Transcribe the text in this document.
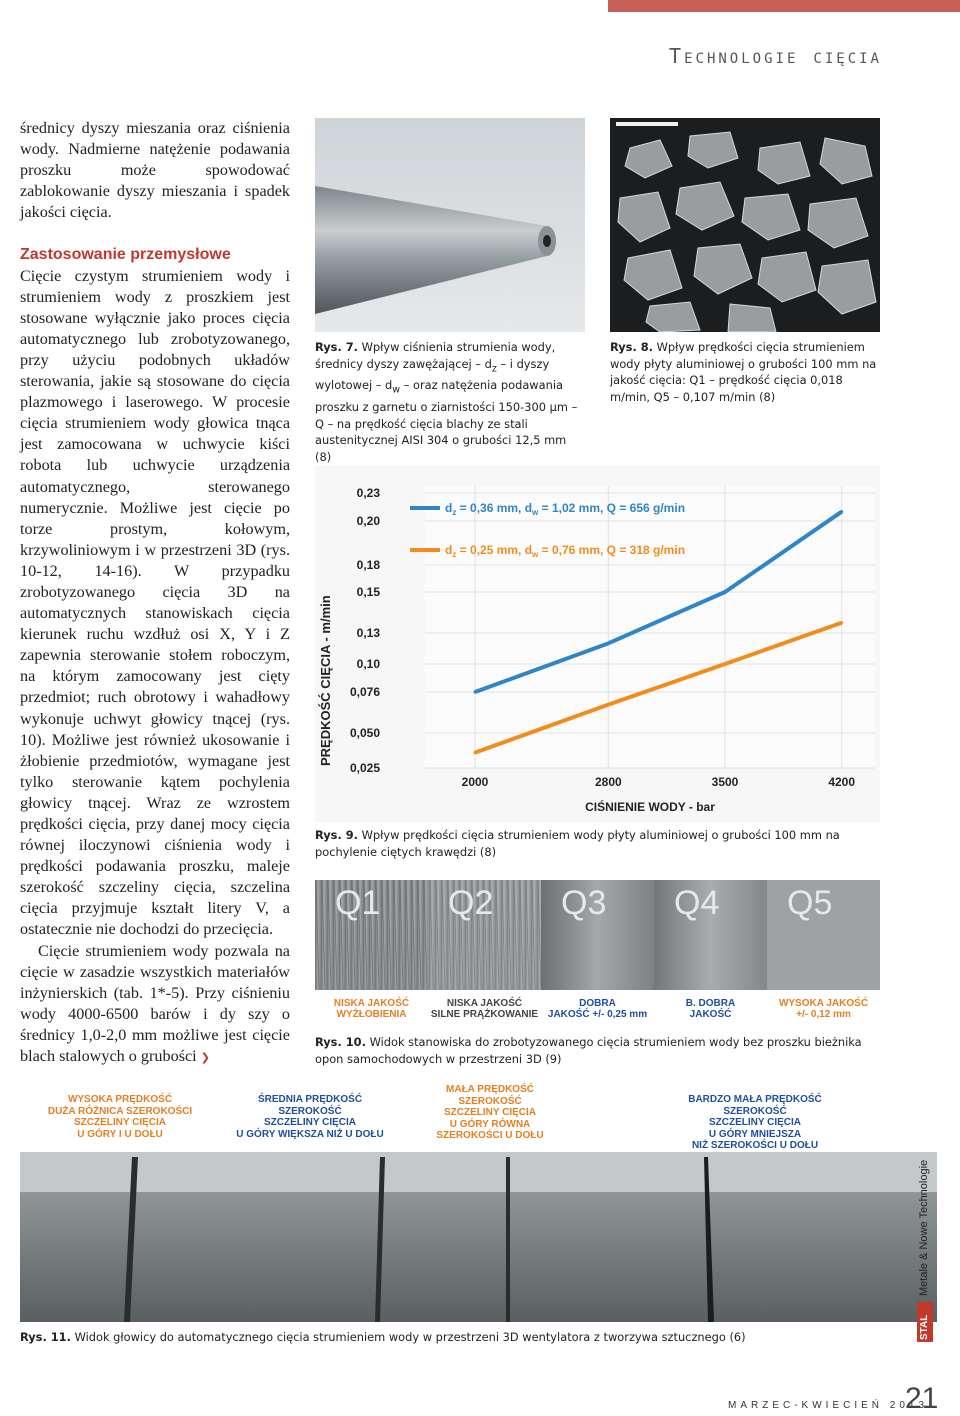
Technologie cięcia

średnicy dyszy mieszania oraz ciśnienia wody. Nadmierne natężenie podawania proszku może spowodować zablokowanie dyszy mieszania i spadek jakości cięcia.

Zastosowanie przemysłowe

Cięcie czystym strumieniem wody i strumieniem wody z proszkiem jest stosowane wyłącznie jako proces cięcia automatycznego lub zrobotyzowanego, przy użyciu podobnych układów sterowania, jakie są stosowane do cięcia plazmowego i laserowego. W procesie cięcia strumieniem wody głowica tnąca jest zamocowana w uchwycie kiści robota lub uchwycie urządzenia automatycznego, sterowanego numerycznie. Możliwe jest cięcie po torze prostym, kołowym, krzywoliniowym i w przestrzeni 3D (rys. 10-12, 14-16). W przypadku zrobotyzowanego cięcia 3D na automatycznych stanowiskach cięcia kierunek ruchu wzdłuż osi X, Y i Z zapewnia sterowanie stołem roboczym, na którym zamocowany jest cięty przedmiot; ruch obrotowy i wahadłowy wykonuje uchwyt głowicy tnącej (rys. 10). Możliwe jest również ukosowanie i żłobienie przedmiotów, wymagane jest tylko sterowanie kątem pochylenia głowicy tnącej. Wraz ze wzrostem prędkości cięcia, przy danej mocy cięcia równej iloczynowi ciśnienia wody i prędkości podawania proszku, maleje szerokość szczeliny cięcia, szczelina cięcia przyjmuje kształt litery V, a ostatecznie nie dochodzi do przecięcia.

Cięcie strumieniem wody pozwala na cięcie w zasadzie wszystkich materiałów inżynierskich (tab. 1*-5). Przy ciśnieniu wody 4000-6500 barów i dy szy o średnicy 1,0-2,0 mm możliwe jest cięcie blach stalowych o grubości ❯

Rys. 7. Wpływ ciśnienia strumienia wody, średnicy dyszy zawężającej – $d_z$ – i dyszy wylotowej – $d_w$ – oraz natężenia podawania proszku z garnetu o ziarnistości 150-300 µm – Q – na prędkość cięcia blachy ze stali austenitycznej AISI 304 o grubości 12,5 mm (8)
Rys. 8. Wpływ prędkości cięcia strumieniem wody płyty aluminiowej o grubości 100 mm na jakość cięcia: Q1 – prędkość cięcia 0,018 m/min, Q5 – 0,107 m/min (8)
PRĘDKOŚĆ CIĘCIA - m/min
2000	2800	3500	4200
0,025
0,050
0,076
0,10
0,13
0,15
0,18
0,20
0,23
CIŚNIENIE WODY - bar
$d_z = 0,36$ mm, $d_w = 1,02$ mm, Q = 656 g/min
$d_z = 0,25$ mm, $d_w = 0,76$ mm, Q = 318 g/min
Rys. 9. Wpływ prędkości cięcia strumieniem wody płyty aluminiowej o grubości 100 mm na pochylenie ciętych krawędzi (8)
Q1 Q2 Q3 Q4 Q5
NISKA JAKOŚĆ
WYŻŁOBIENIA
NISKA JAKOŚĆ
SILNE PRĄŻKOWANIE
DOBRA
JAKOŚĆ +/- 0,25 mm
B. DOBRA
JAKOŚĆ
WYSOKA JAKOŚĆ
+/- 0,12 mm
Rys. 10. Widok stanowiska do zrobotyzowanego cięcia strumieniem wody bez proszku bieżnika opon samochodowych w przestrzeni 3D (9)
WYSOKA PRĘDKOŚĆ
DUŻA RÓŻNICA SZEROKOŚCI
SZCZELINY CIĘCIA
U GÓRY I U DOŁU
ŚREDNIA PRĘDKOŚĆ
SZEROKOŚĆ
SZCZELINY CIĘCIA
U GÓRY WIĘKSZA NIŻ U DOŁU
MAŁA PRĘDKOŚĆ
SZEROKOŚĆ
SZCZELINY CIĘCIA
U GÓRY RÓWNA
SZEROKOŚCI U DOŁU
BARDZO MAŁA PRĘDKOŚĆ
SZEROKOŚĆ
SZCZELINY CIĘCIA
U GÓRY MNIEJSZA
NIŻ SZEROKOŚCI U DOŁU
Rys. 11. Widok głowicy do automatycznego cięcia strumieniem wody w przestrzeni 3D wentylatora z tworzywa sztucznego (6)
Metale & Nowe Technologie
STAL
MARZEC-KWIECIEŃ 2013
21
